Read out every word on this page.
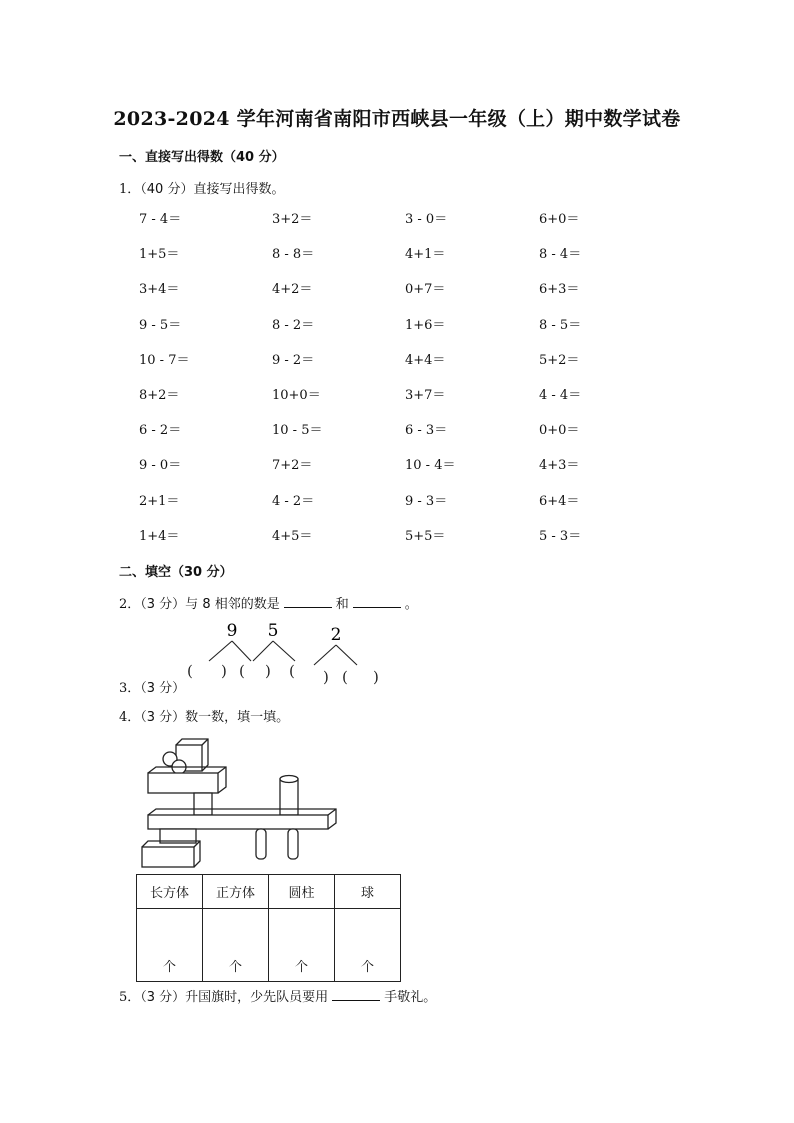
2023-2024 学年河南省南阳市西峡县一年级（上）期中数学试卷
一、直接写出得数（40 分）
1．（40 分）直接写出得数。
7 - 4＝	3+2＝	3 - 0＝	6+0＝
1+5＝	8 - 8＝	4+1＝	8 - 4＝
3+4＝	4+2＝	0+7＝	6+3＝
9 - 5＝	8 - 2＝	1+6＝	8 - 5＝
10 - 7＝	9 - 2＝	4+4＝	5+2＝
8+2＝	10+0＝	3+7＝	4 - 4＝
6 - 2＝	10 - 5＝	6 - 3＝	0+0＝
9 - 0＝	7+2＝	10 - 4＝	4+3＝
2+1＝	4 - 2＝	9 - 3＝	6+4＝
1+4＝	4+5＝	5+5＝	5 - 3＝
二、填空（30 分）
2．（3 分）与 8 相邻的数是	和	。
9 5	2
( ) ( ) ( ) ( )
3．（3 分）
4．（3 分）数一数，填一填。
长方体	正方体	圆柱	球
个	个	个	个
5．（3 分）升国旗时，少先队员要用	手敬礼。
